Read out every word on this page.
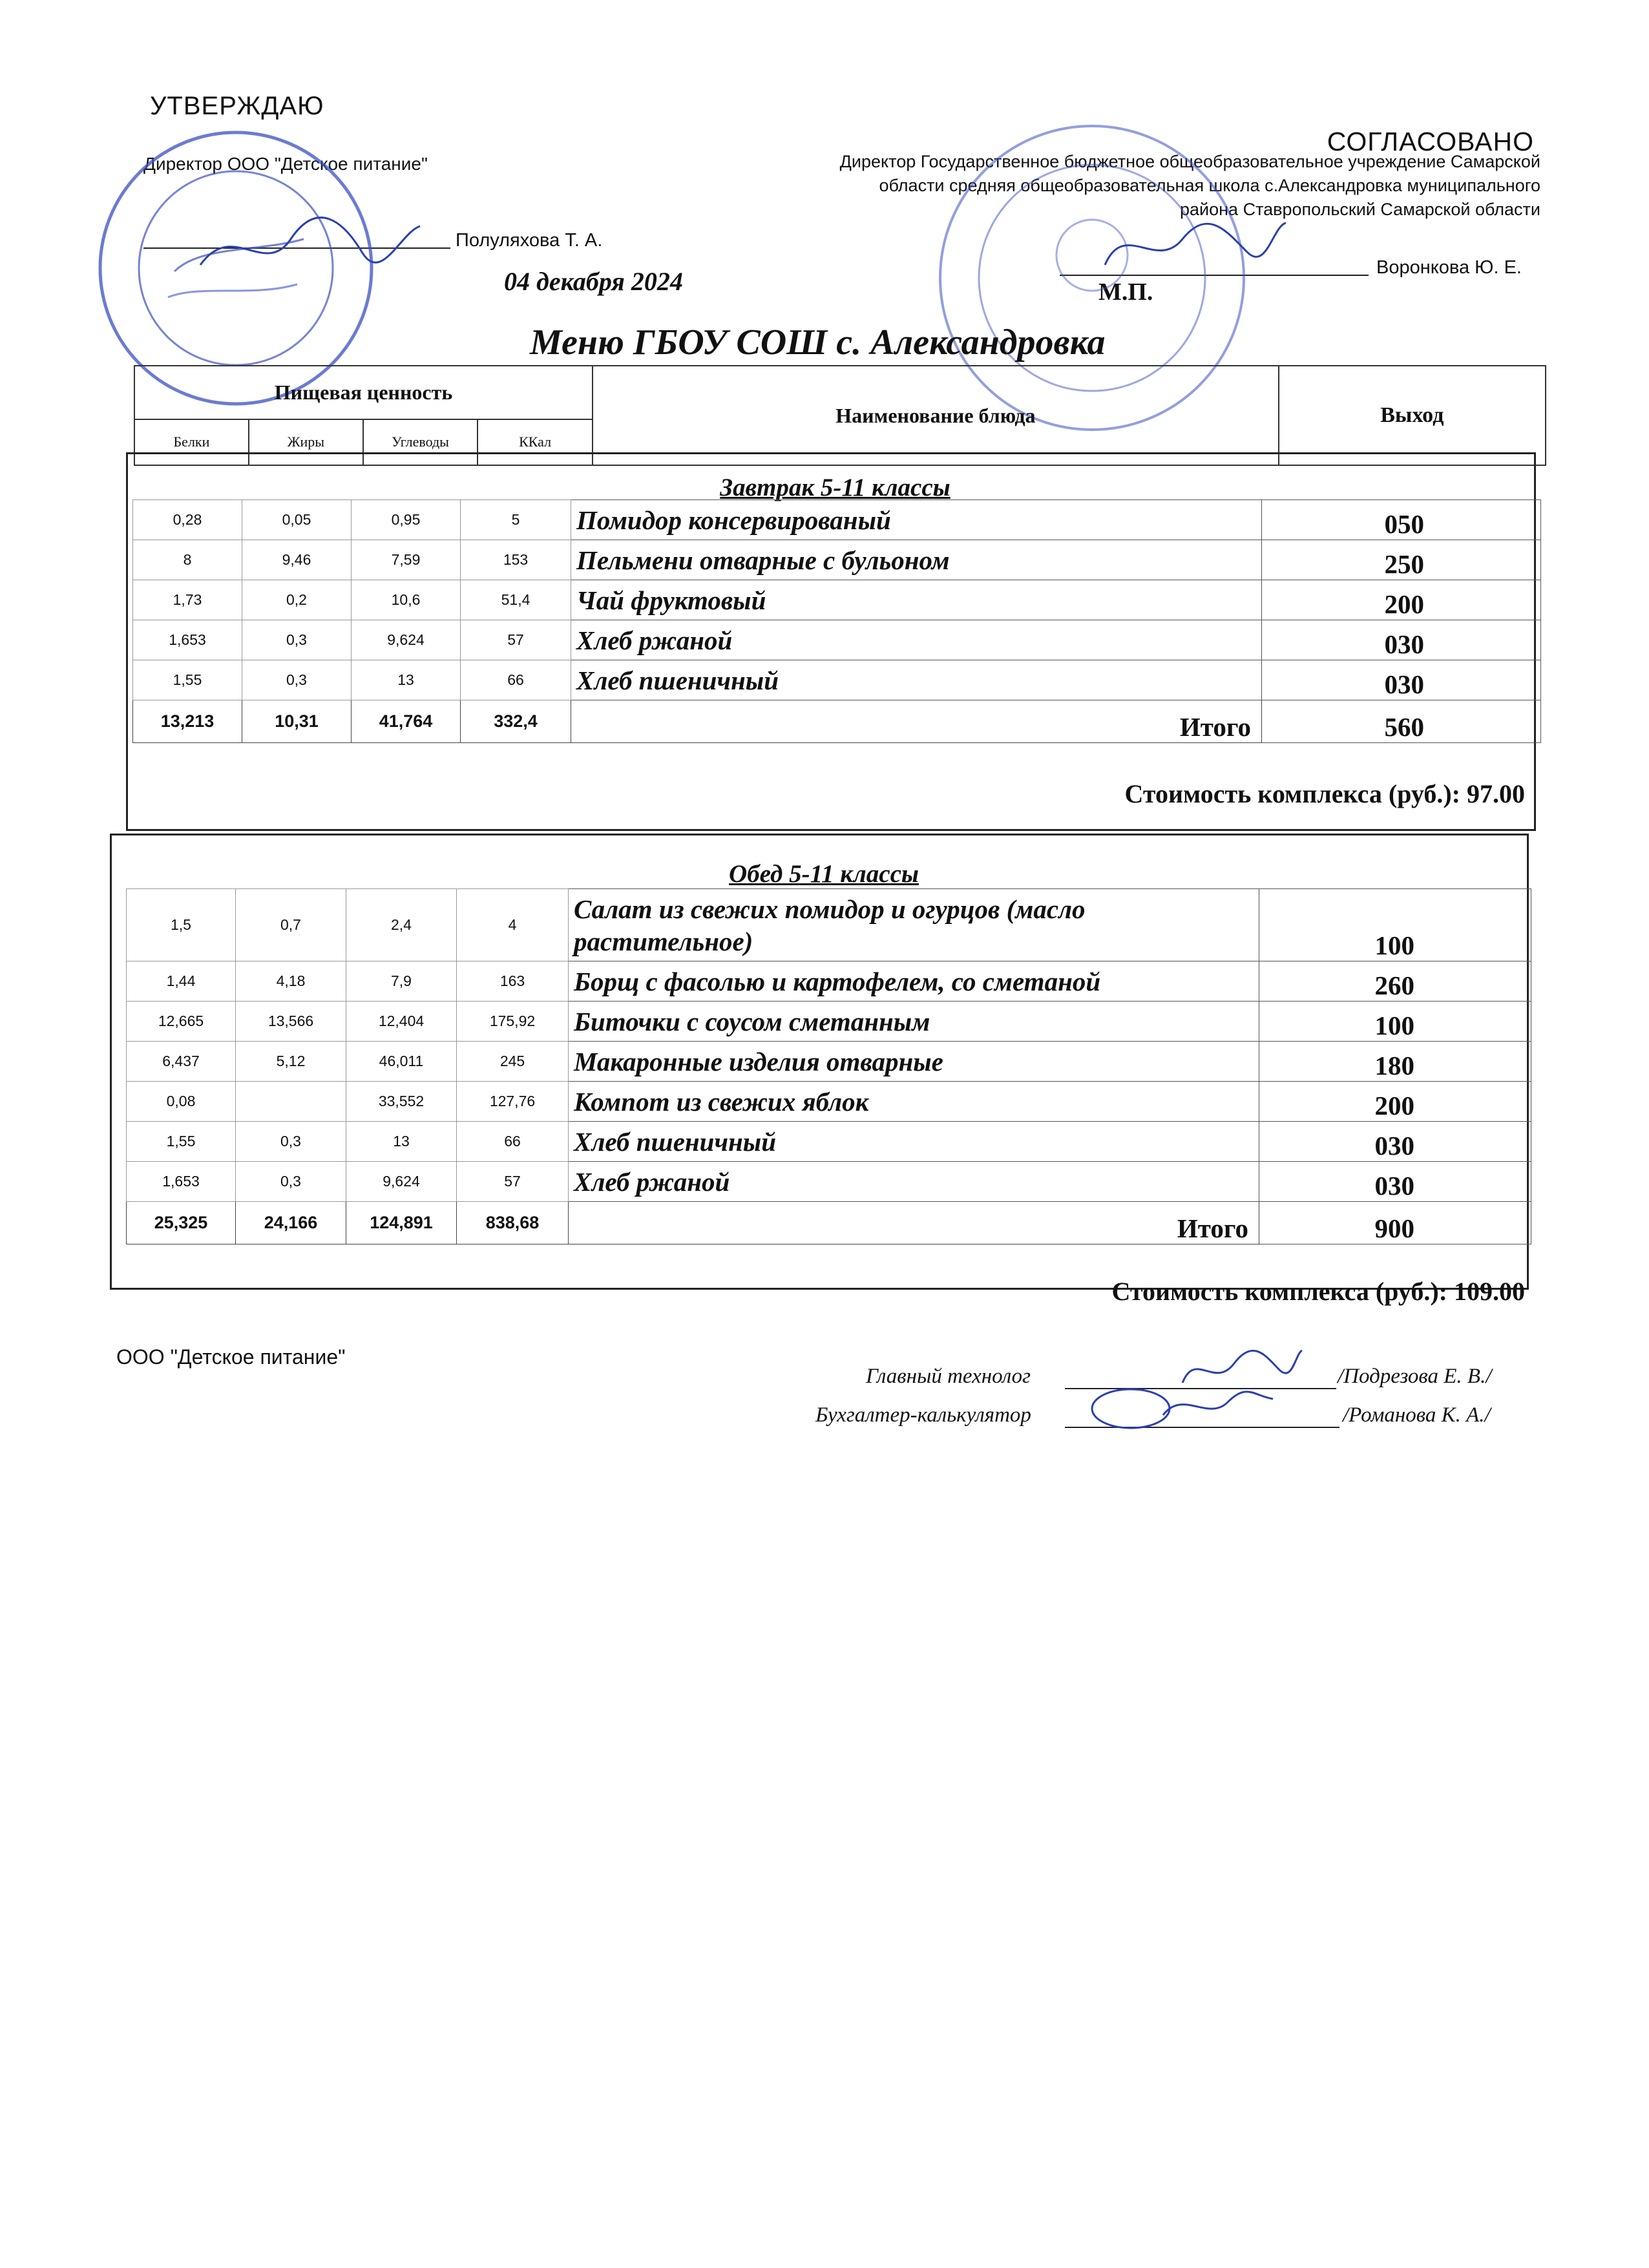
УТВЕРЖДАЮ
Директор ООО "Детское питание"
Полуляхова Т. А.
04 декабря 2024
СОГЛАСОВАНО
Директор Государственное бюджетное общеобразовательное учреждение Самарской
области средняя общеобразовательная школа с.Александровка муниципального
района Ставропольский Самарской области
М.П.
Воронкова Ю. Е.
Меню ГБОУ СОШ с. Александровка
Пищевая ценность				Наименование блюда	Выход
Белки	Жиры	Углеводы	ККал		
Завтрак 5-11 классы
0,28	0,05	0,95	5	Помидор консервированый	050
8	9,46	7,59	153	Пельмени отварные с бульоном	250
1,73	0,2	10,6	51,4	Чай фруктовый	200
1,653	0,3	9,624	57	Хлеб ржаной	030
1,55	0,3	13	66	Хлеб пшеничный	030
13,213	10,31	41,764	332,4	Итого	560
Стоимость комплекса (руб.): 97.00
Обед 5-11 классы
1,5	0,7	2,4	4	Салат из свежих помидор и огурцов (масло растительное)	100
1,44	4,18	7,9	163	Борщ с фасолью и картофелем, со сметаной	260
12,665	13,566	12,404	175,92	Биточки с соусом сметанным	100
6,437	5,12	46,011	245	Макаронные изделия отварные	180
0,08		33,552	127,76	Компот из свежих яблок	200
1,55	0,3	13	66	Хлеб пшеничный	030
1,653	0,3	9,624	57	Хлеб ржаной	030
25,325	24,166	124,891	838,68	Итого	900
Стоимость комплекса (руб.): 109.00
ООО "Детское питание"
Главный технолог	/Подрезова Е. В./
Бухгалтер-калькулятор	/Романова К. А./
